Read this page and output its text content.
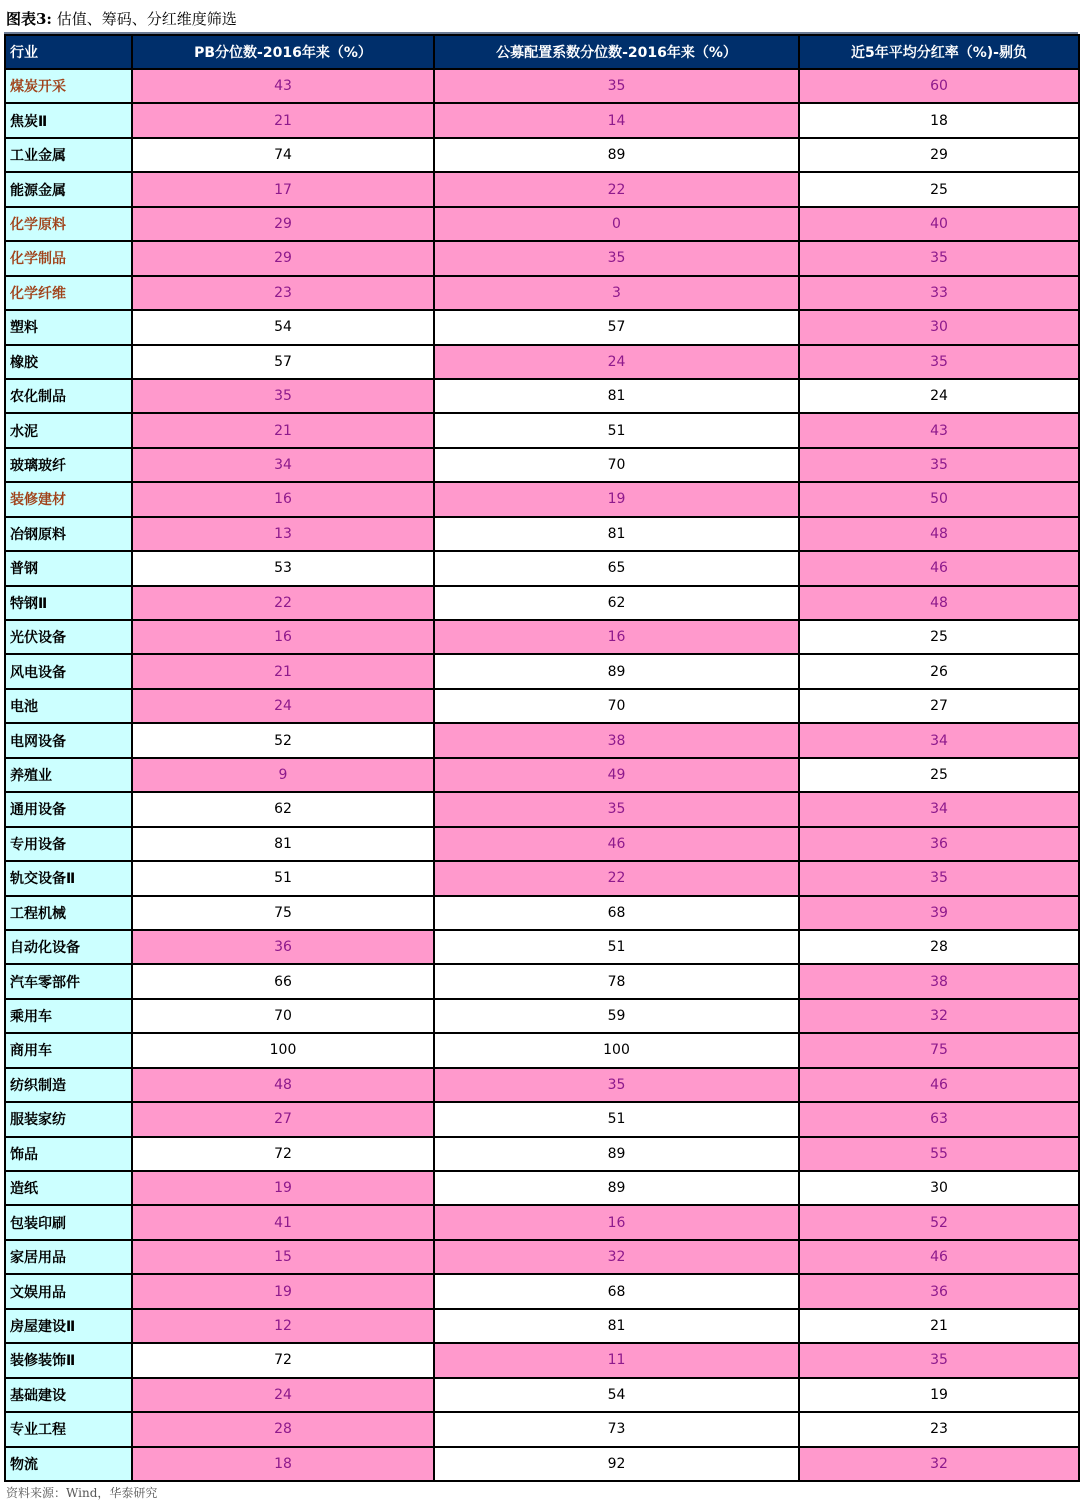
图表3: 估值、筹码、分红维度筛选
行业	PB分位数-2016年来（%）	公募配置系数分位数-2016年来（%）	近5年平均分红率（%)-剔负
煤炭开采	43	35	60
焦炭Ⅱ	21	14	18
工业金属	74	89	29
能源金属	17	22	25
化学原料	29	0	40
化学制品	29	35	35
化学纤维	23	3	33
塑料	54	57	30
橡胶	57	24	35
农化制品	35	81	24
水泥	21	51	43
玻璃玻纤	34	70	35
装修建材	16	19	50
冶钢原料	13	81	48
普钢	53	65	46
特钢Ⅱ	22	62	48
光伏设备	16	16	25
风电设备	21	89	26
电池	24	70	27
电网设备	52	38	34
养殖业	9	49	25
通用设备	62	35	34
专用设备	81	46	36
轨交设备Ⅱ	51	22	35
工程机械	75	68	39
自动化设备	36	51	28
汽车零部件	66	78	38
乘用车	70	59	32
商用车	100	100	75
纺织制造	48	35	46
服装家纺	27	51	63
饰品	72	89	55
造纸	19	89	30
包装印刷	41	16	52
家居用品	15	32	46
文娱用品	19	68	36
房屋建设Ⅱ	12	81	21
装修装饰Ⅱ	72	11	35
基础建设	24	54	19
专业工程	28	73	23
物流	18	92	32
资料来源：Wind，华泰研究
